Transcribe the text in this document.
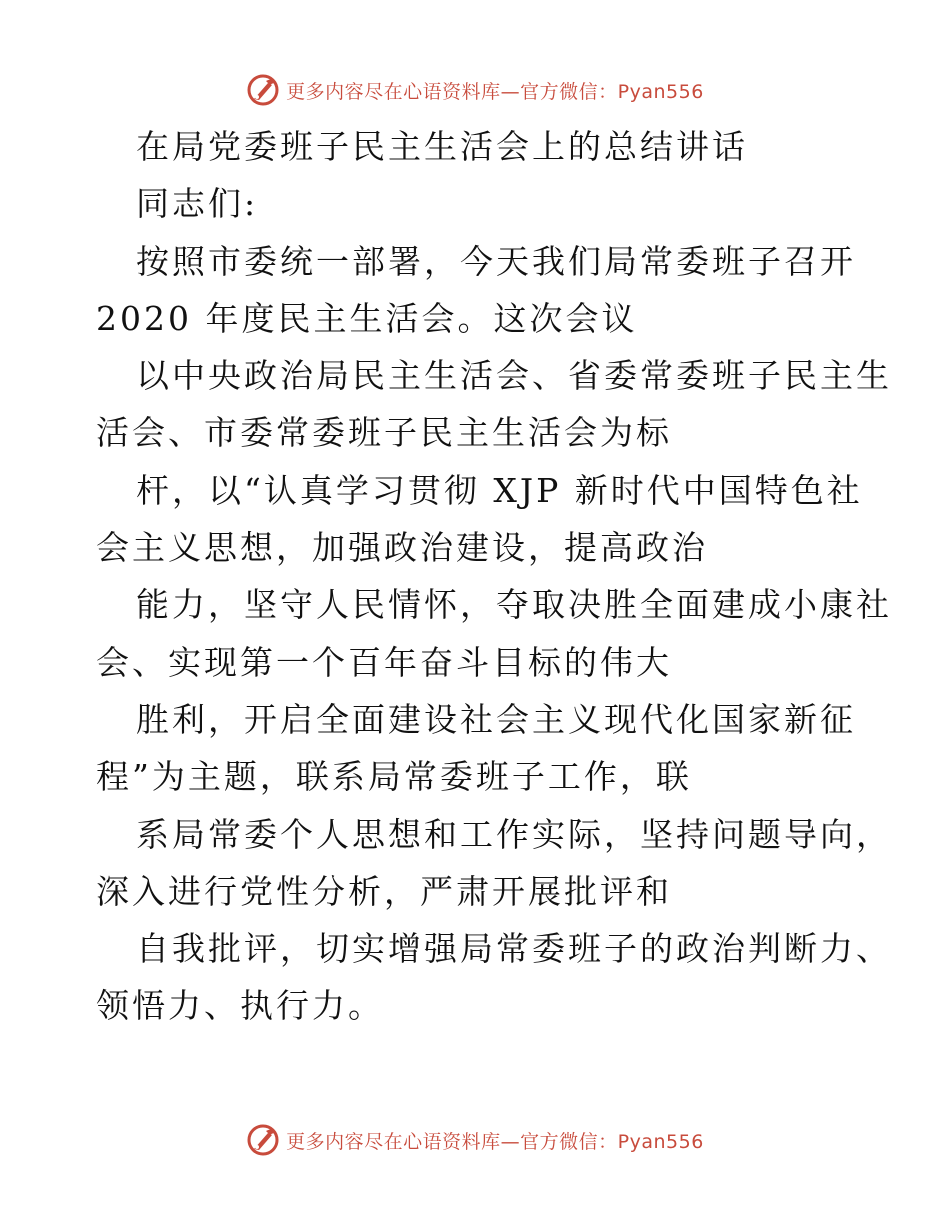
更多内容尽在心语资料库—官方微信：Pyan556
在局党委班子民主生活会上的总结讲话
同志们:
按照市委统一部署，今天我们局常委班子召开
2020 年度民主生活会。这次会议
以中央政治局民主生活会、省委常委班子民主生
活会、市委常委班子民主生活会为标
杆，以“认真学习贯彻 XJP 新时代中国特色社
会主义思想，加强政治建设，提高政治
能力，坚守人民情怀，夺取决胜全面建成小康社
会、实现第一个百年奋斗目标的伟大
胜利，开启全面建设社会主义现代化国家新征
程”为主题，联系局常委班子工作，联
系局常委个人思想和工作实际，坚持问题导向，
深入进行党性分析，严肃开展批评和
自我批评，切实增强局常委班子的政治判断力、
领悟力、执行力。
更多内容尽在心语资料库—官方微信：Pyan556
